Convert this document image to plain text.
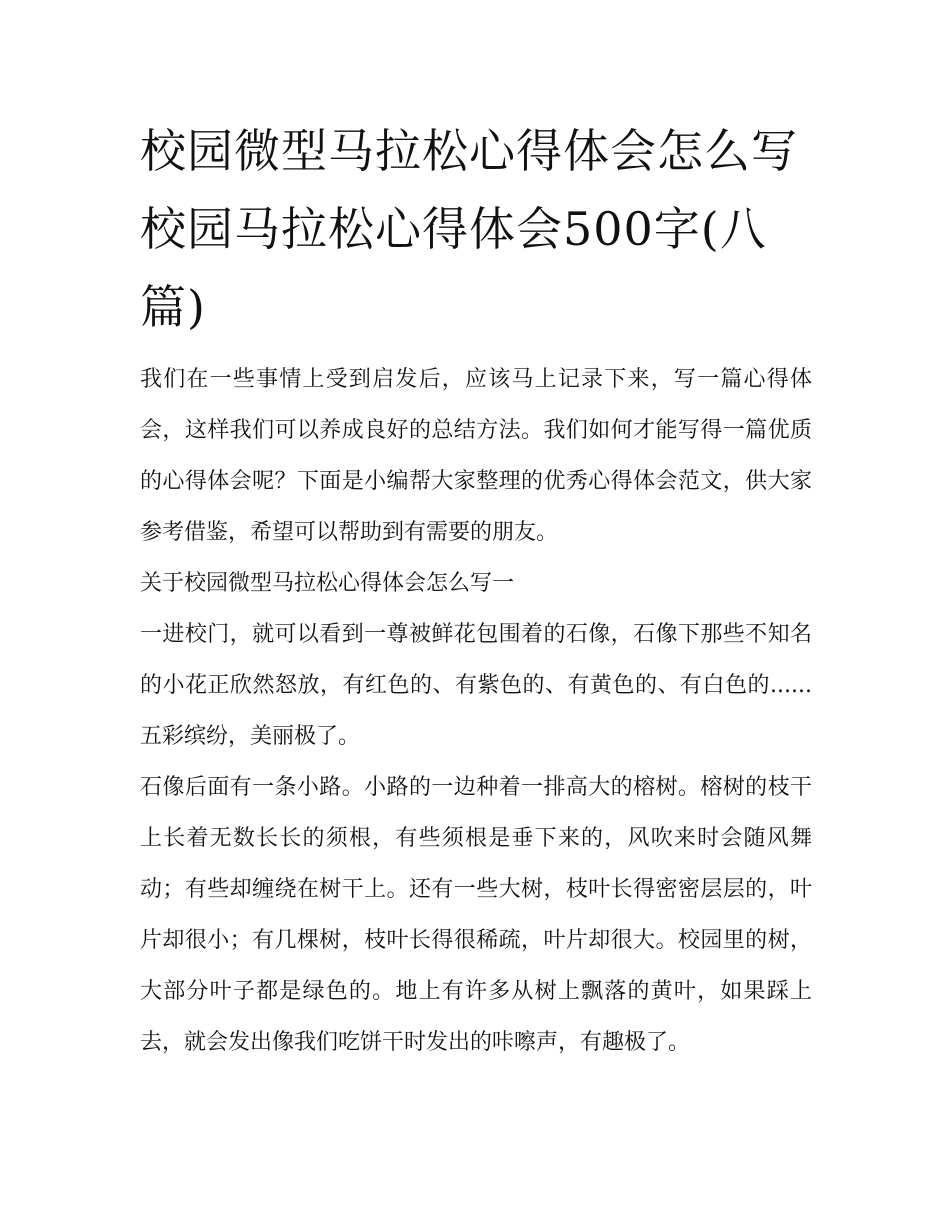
校园微型马拉松心得体会怎么写 校园马拉松心得体会500字(八篇)

我们在一些事情上受到启发后，应该马上记录下来，写一篇心得体会，这样我们可以养成良好的总结方法。我们如何才能写得一篇优质的心得体会呢？下面是小编帮大家整理的优秀心得体会范文，供大家参考借鉴，希望可以帮助到有需要的朋友。

关于校园微型马拉松心得体会怎么写一

一进校门，就可以看到一尊被鲜花包围着的石像，石像下那些不知名的小花正欣然怒放，有红色的、有紫色的、有黄色的、有白色的......五彩缤纷，美丽极了。

石像后面有一条小路。小路的一边种着一排高大的榕树。榕树的枝干上长着无数长长的须根，有些须根是垂下来的，风吹来时会随风舞动；有些却缠绕在树干上。还有一些大树，枝叶长得密密层层的，叶片却很小；有几棵树，枝叶长得很稀疏，叶片却很大。校园里的树，大部分叶子都是绿色的。地上有许多从树上飘落的黄叶，如果踩上去，就会发出像我们吃饼干时发出的咔嚓声，有趣极了。
